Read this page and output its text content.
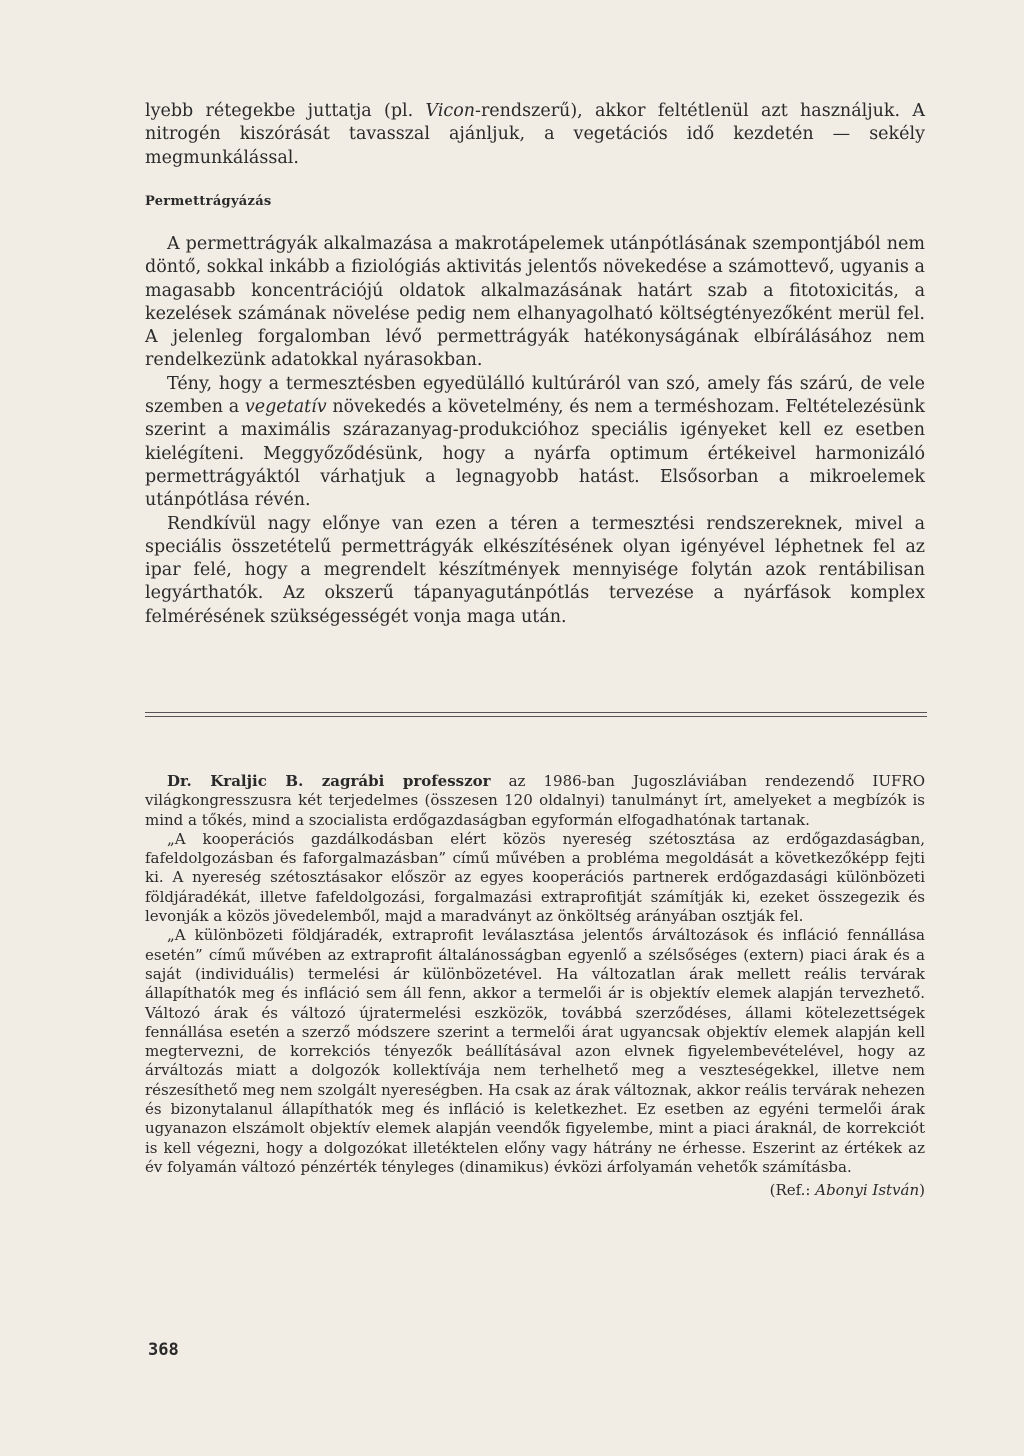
lyebb rétegekbe juttatja (pl. Vicon-rendszerű), akkor feltétlenül azt használjuk. A nitrogén kiszórását tavasszal ajánljuk, a vegetációs idő kezdetén — sekély megmunkálással.

Permettrágyázás

A permettrágyák alkalmazása a makrotápelemek utánpótlásának szempontjából nem döntő, sokkal inkább a fiziológiás aktivitás jelentős növekedése a számottevő, ugyanis a magasabb koncentrációjú oldatok alkalmazásának határt szab a fitotoxicitás, a kezelések számának növelése pedig nem elhanyagolható költségtényezőként merül fel. A jelenleg forgalomban lévő permettrágyák hatékonyságának elbírálásához nem rendelkezünk adatokkal nyárasokban.

Tény, hogy a termesztésben egyedülálló kultúráról van szó, amely fás szárú, de vele szemben a vegetatív növekedés a követelmény, és nem a terméshozam. Feltételezésünk szerint a maximális szárazanyag-produkcióhoz speciális igényeket kell ez esetben kielégíteni. Meggyőződésünk, hogy a nyárfa optimum értékeivel harmonizáló permettrágyáktól várhatjuk a legnagyobb hatást. Elsősorban a mikroelemek utánpótlása révén.

Rendkívül nagy előnye van ezen a téren a termesztési rendszereknek, mivel a speciális összetételű permettrágyák elkészítésének olyan igényével léphetnek fel az ipar felé, hogy a megrendelt készítmények mennyisége folytán azok rentábilisan legyárthatók. Az okszerű tápanyagutánpótlás tervezése a nyárfások komplex felmérésének szükségességét vonja maga után.

Dr. Kraljic B. zagrábi professzor az 1986-ban Jugoszláviában rendezendő IUFRO világkongresszusra két terjedelmes (összesen 120 oldalnyi) tanulmányt írt, amelyeket a megbízók is mind a tőkés, mind a szocialista erdőgazdaságban egyformán elfogadhatónak tartanak.

„A kooperációs gazdálkodásban elért közös nyereség szétosztása az erdőgazdaságban, fafeldolgozásban és faforgalmazásban” című művében a probléma megoldását a következőképp fejti ki. A nyereség szétosztásakor először az egyes kooperációs partnerek erdőgazdasági különbözeti földjáradékát, illetve fafeldolgozási, forgalmazási extraprofitját számítják ki, ezeket összegezik és levonják a közös jövedelemből, majd a maradványt az önköltség arányában osztják fel.

„A különbözeti földjáradék, extraprofit leválasztása jelentős árváltozások és infláció fennállása esetén” című művében az extraprofit általánosságban egyenlő a szélsőséges (extern) piaci árak és a saját (individuális) termelési ár különbözetével. Ha változatlan árak mellett reális tervárak állapíthatók meg és infláció sem áll fenn, akkor a termelői ár is objektív elemek alapján tervezhető. Változó árak és változó újratermelési eszközök, továbbá szerződéses, állami kötelezettségek fennállása esetén a szerző módszere szerint a termelői árat ugyancsak objektív elemek alapján kell megtervezni, de korrekciós tényezők beállításával azon elvnek figyelembevételével, hogy az árváltozás miatt a dolgozók kollektívája nem terhelhető meg a veszteségekkel, illetve nem részesíthető meg nem szolgált nyereségben. Ha csak az árak változnak, akkor reális tervárak nehezen és bizonytalanul állapíthatók meg és infláció is keletkezhet. Ez esetben az egyéni termelői árak ugyanazon elszámolt objektív elemek alapján veendők figyelembe, mint a piaci áraknál, de korrekciót is kell végezni, hogy a dolgozókat illetéktelen előny vagy hátrány ne érhesse. Eszerint az értékek az év folyamán változó pénzérték tényleges (dinamikus) évközi árfolyamán vehetők számításba.

(Ref.: Abonyi István)

368
